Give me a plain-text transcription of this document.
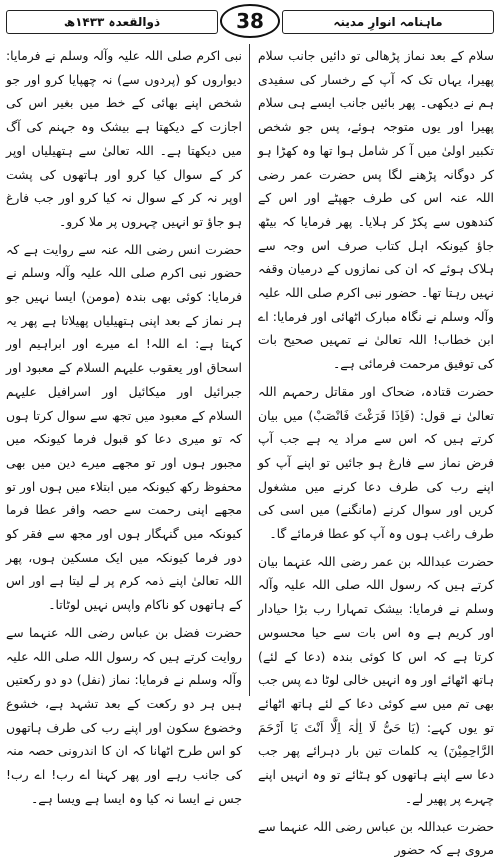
ماہنامہ انوارِ مدینہ
38
ذوالقعدہ ۱۴۳۳ھ

سلام کے بعد نماز پڑھالی تو دائیں جانب سلام پھیرا، یہاں تک کہ آپ کے رخسار کی سفیدی ہم نے دیکھی۔ پھر بائیں جانب ایسے ہی سلام پھیرا اور یوں متوجہ ہوئے، پس جو شخص تکبیر اولیٰ میں آ کر شامل ہوا تھا وہ کھڑا ہو کر دوگانہ پڑھنے لگا پس حضرت عمر رضی اللہ عنہ اس کی طرف جھپٹے اور اس کے کندھوں سے پکڑ کر ہلایا۔ پھر فرمایا کہ بیٹھ جاؤ کیونکہ اہل کتاب صرف اس وجہ سے ہلاک ہوئے کہ ان کی نمازوں کے درمیان وقفہ نہیں رہتا تھا۔ حضور نبی اکرم صلی اللہ علیہ وآلہ وسلم نے نگاہ مبارک اٹھائی اور فرمایا: اے ابن خطاب! اللہ تعالیٰ نے تمہیں صحیح بات کی توفیق مرحمت فرمائی ہے۔

حضرت قتادہ، ضحاک اور مقاتل رحمہم اللہ تعالیٰ نے قول: (فَاِذَا فَرَغْتَ فَانْصَبْ) میں بیان کرتے ہیں کہ اس سے مراد یہ ہے جب آپ فرض نماز سے فارغ ہو جائیں تو اپنے آپ کو اپنے رب کی طرف دعا کرنے میں مشغول کریں اور سوال کرنے (مانگنے) میں اسی کی طرف راغب ہوں وہ آپ کو عطا فرمائے گا۔

حضرت عبداللہ بن عمر رضی اللہ عنہما بیان کرتے ہیں کہ رسول اللہ صلی اللہ علیہ وآلہ وسلم نے فرمایا: بیشک تمہارا رب بڑا حیادار اور کریم ہے وہ اس بات سے حیا محسوس کرتا ہے کہ اس کا کوئی بندہ (دعا کے لئے) ہاتھ اٹھائے اور وہ انہیں خالی لوٹا دے پس جب بھی تم میں سے کوئی دعا کے لئے ہاتھ اٹھائے تو یوں کہے: (یَا حَیُّ لَا اِلٰہَ اِلَّا اَنْتَ یَا اَرْحَمَ الرَّاحِمِیْنَ) یہ کلمات تین بار دہرائے پھر جب دعا سے اپنے ہاتھوں کو ہٹائے تو وہ انہیں اپنے چہرے پر پھیر لے۔

حضرت عبداللہ بن عباس رضی اللہ عنہما سے مروی ہے کہ حضور

نبی اکرم صلی اللہ علیہ وآلہ وسلم نے فرمایا: دیواروں کو (پردوں سے) نہ چھپایا کرو اور جو شخص اپنے بھائی کے خط میں بغیر اس کی اجازت کے دیکھتا ہے بیشک وہ جہنم کی آگ میں دیکھتا ہے۔ اللہ تعالیٰ سے ہتھیلیاں اوپر کر کے سوال کیا کرو اور ہاتھوں کی پشت اوپر نہ کر کے سوال نہ کیا کرو اور جب فارغ ہو جاؤ تو انہیں چہروں پر ملا کرو۔

حضرت انس رضی اللہ عنہ سے روایت ہے کہ حضور نبی اکرم صلی اللہ علیہ وآلہ وسلم نے فرمایا: کوئی بھی بندہ (مومن) ایسا نہیں جو ہر نماز کے بعد اپنی ہتھیلیاں پھیلاتا ہے پھر یہ کہتا ہے: اے اللہ! اے میرے اور ابراہیم اور اسحاق اور یعقوب علیہم السلام کے معبود اور جبرائیل اور میکائیل اور اسرافیل علیہم السلام کے معبود میں تجھ سے سوال کرتا ہوں کہ تو میری دعا کو قبول فرما کیونکہ میں مجبور ہوں اور تو مجھے میرے دین میں بھی محفوظ رکھ کیونکہ میں ابتلاء میں ہوں اور تو مجھے اپنی رحمت سے حصہ وافر عطا فرما کیونکہ میں گنہگار ہوں اور مجھ سے فقر کو دور فرما کیونکہ میں ایک مسکین ہوں، پھر اللہ تعالیٰ اپنے ذمہ کرم پر لے لیتا ہے اور اس کے ہاتھوں کو ناکام واپس نہیں لوٹاتا۔

حضرت فضل بن عباس رضی اللہ عنہما سے روایت کرتے ہیں کہ رسول اللہ صلی اللہ علیہ وآلہ وسلم نے فرمایا: نماز (نفل) دو دو رکعتیں ہیں ہر دو رکعت کے بعد تشہد ہے، خشوع وخضوع سکون اور اپنے رب کی طرف ہاتھوں کو اس طرح اٹھانا کہ ان کا اندرونی حصہ منہ کی جانب رہے اور پھر کہنا اے رب! اے رب! جس نے ایسا نہ کیا وہ ایسا ہے ویسا ہے۔
